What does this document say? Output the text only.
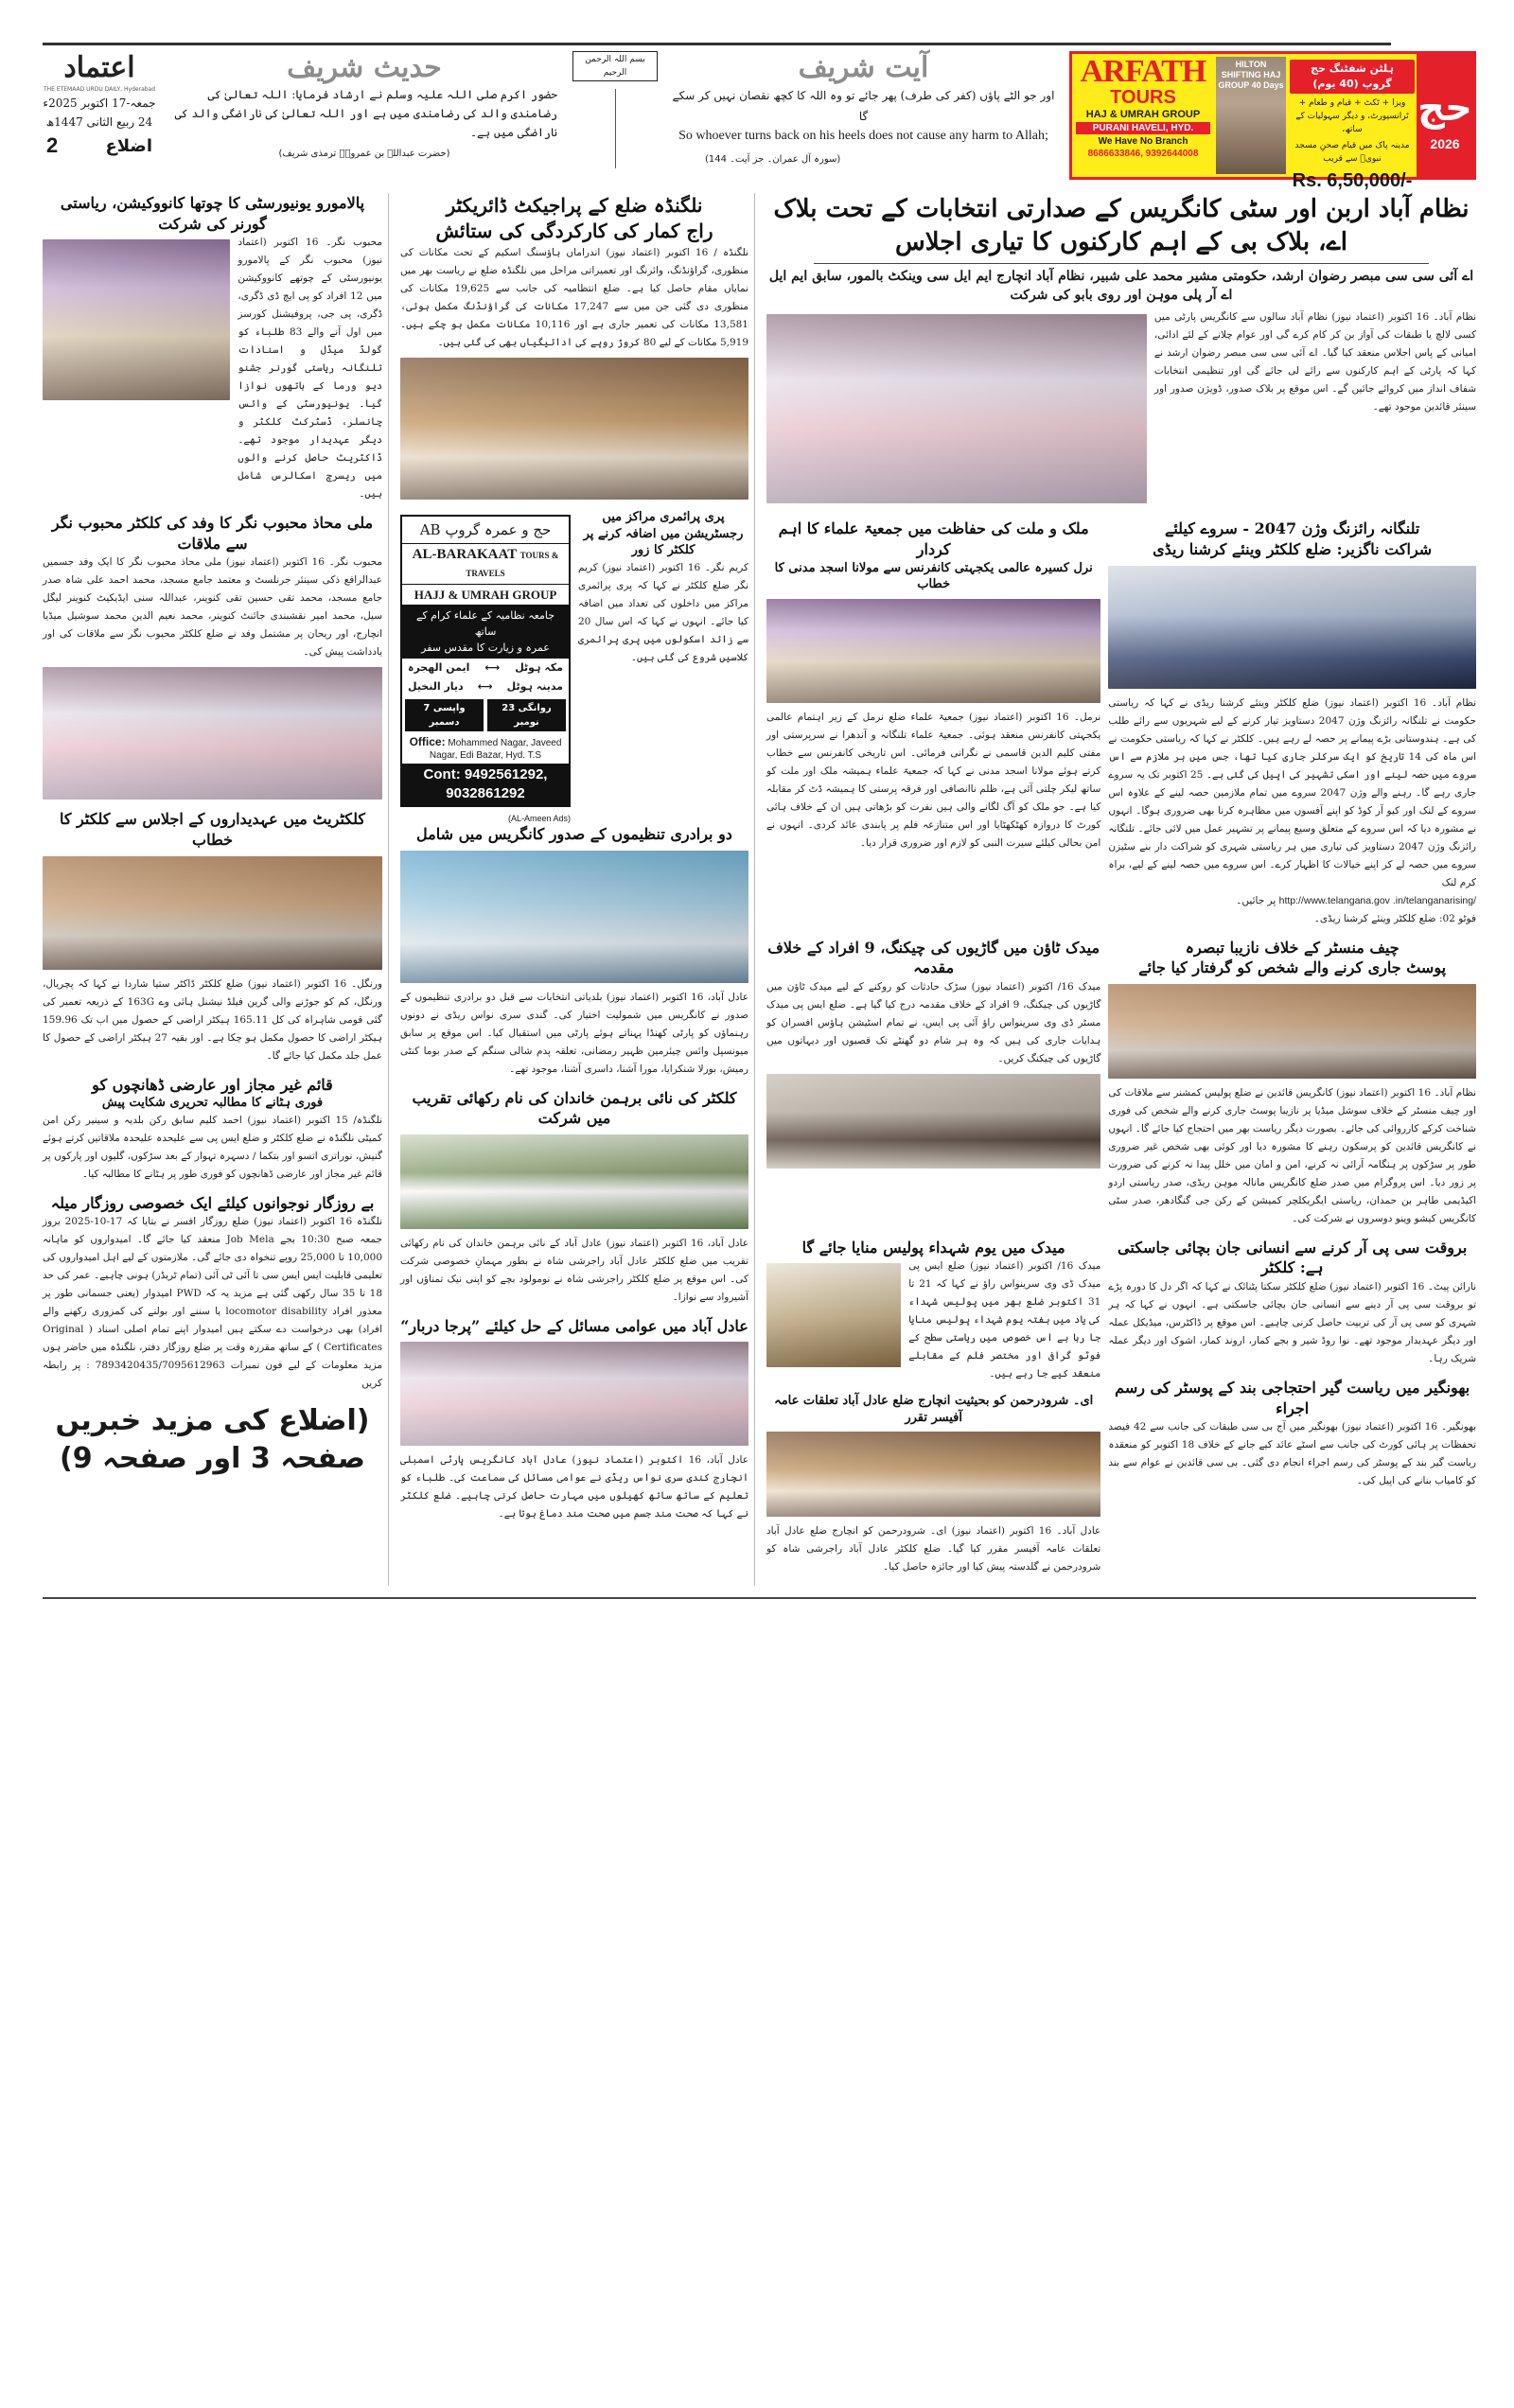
اعتماد
THE ETEMAAD URDU DAILY, Hyderabad
جمعہ-17 اکتوبر 2025ء
24 ربیع الثانی 1447ھ
اضلاع
2
حدیث شریف
حضور اکرم صلی اللہ علیہ وسلم نے ارشاد فرمایا: اللہ تعالیٰ کی رضامندی والد کی رضامندی میں ہے اور اللہ تعالیٰ کی ناراضگی والد کی ناراضگی میں ہے۔
(حضرت عبداللہ بن عمروؓ۔ ترمذی شریف)
بسم اللہ الرحمن الرحیم	آیت شریف
اور جو الٹے پاؤں (کفر کی طرف) پھر جائے تو وہ اللہ کا کچھ نقصان نہیں کر سکے گا
So whoever turns back on his heels does not cause any harm to Allah;
(سورہ آل عمران۔ جز آیت۔ 144)
ARFATH
TOURS
HAJ & UMRAH GROUP
PURANI HAVELI, HYD.
We Have No Branch
8686633846, 9392644008
HILTON SHIFTING HAJ GROUP 40 Days
ہلٹن شفٹنگ حج گروپ (40 یوم)
ویزا + ٹکٹ + قیام و طعام + ٹرانسپورٹ، و دیگر سہولیات کے ساتھ،
مدینہ پاک میں قیام صحنِ مسجد نبویؐ سے قریب
Rs. 6,50,000/-
حج
2026
پالامورو یونیورسٹی کا چوتھا کانووکیشن، ریاستی گورنر کی شرکت
محبوب نگر۔ 16 اکتوبر (اعتماد نیوز) محبوب نگر کے پالامورو یونیورسٹی کے چوتھے کانووکیشن میں 12 افراد کو پی ایچ ڈی ڈگری، ڈگری، پی جی، پروفیشنل کورسز میں اول آنے والے 83 طلباء کو گولڈ میڈل و اسنادات تلنگانہ ریاستی گورنر جشنو دیو ورما کے ہاتھوں نوازا گیا۔ یونیورسٹی کے وائس چانسلر، ڈسٹرکٹ کلکٹر و دیگر عہدیدار موجود تھے۔ ڈاکٹریٹ حاصل کرنے والوں میں ریسرچ اسکالرس شامل ہیں۔
ملی محاذ محبوب نگر کا وفد کی کلکٹر محبوب نگر سے ملاقات
محبوب نگر۔ 16 اکتوبر (اعتماد نیوز) ملی محاذ محبوب نگر کا ایک وفد جسمیں عبدالرافع ذکی سینئر جرنلسٹ و معتمد جامع مسجد، محمد احمد علی شاہ صدر جامع مسجد، محمد تقی حسین تقی کنوینر، عبداللہ سنی ایڈیکیٹ کنوینر لیگل سیل، محمد امیر نقشبندی جائنٹ کنوینر، محمد نعیم الدین محمد سوشیل میڈیا انچارج، اور ریحان پر مشتمل وفد نے ضلع کلکٹر محبوب نگر سے ملاقات کی اور یادداشت پیش کی۔
کلکٹریٹ میں عہدیداروں کے اجلاس سے کلکٹر کا خطاب
ورنگل۔ 16 اکتوبر (اعتماد نیوز) ضلع کلکٹر ڈاکٹر ستیا شاردا نے کہا کہ پچریال، ورنگل، کم کو جوڑنے والی گرین فیلڈ نیشنل ہائی وے 163G کے ذریعہ تعمیر کی گئی قومی شاہراہ کی کل 165.11 ہیکٹر اراضی کے حصول میں اب تک 159.96 ہیکٹر اراضی کا حصول مکمل ہو چکا ہے۔ اور بقیہ 27 ہیکٹر اراضی کے حصول کا عمل جلد مکمل کیا جائے گا۔
قائم غیر مجاز اور عارضی ڈھانچوں کو
فوری ہٹانے کا مطالبہ تحریری شکایت پیش
نلگنڈہ/ 15 اکتوبر (اعتماد نیوز) احمد کلیم سابق رکن بلدیہ و سینیر رکن امن کمیٹی نلگنڈہ نے ضلع کلکٹر و ضلع ایس پی سے علیحدہ علیحدہ ملاقاتیں کرتے ہوئے گنیش، نوراتری اتسو اور بتکما / دسہرہ تہوار کے بعد سڑکوں، گلیوں اور پارکوں پر قائم غیر مجاز اور عارضی ڈھانچوں کو فوری طور پر ہٹانے کا مطالبہ کیا۔
بے روزگار نوجوانوں کیلئے ایک خصوصی روزگار میلہ
نلگنڈہ 16 اکتوبر (اعتماد نیوز) ضلع روزگار افسر نے بتایا کہ 17-10-2025 بروز جمعہ صبح 10:30 بجے Job Mela منعقد کیا جائے گا۔ امیدواروں کو ماہانہ 10,000 تا 25,000 روپے تنخواہ دی جائے گی۔ ملازمتوں کے لیے اہل امیدواروں کی تعلیمی قابلیت ایس ایس سی تا آئی ٹی آئی (تمام ٹریڈز) ہونی چاہیے۔ عمر کی حد 18 تا 35 سال رکھی گئی ہے مزید یہ کہ PWD امیدوار (یعنی جسمانی طور پر معذور افراد locomotor disability یا سننے اور بولنے کی کمزوری رکھنے والے افراد) بھی درخواست دے سکتے ہیں امیدوار اپنے تمام اصلی اسناد ( Original Certificates ) کے ساتھ مقررہ وقت پر ضلع روزگار دفتر، نلگنڈہ میں حاضر ہوں مزید معلومات کے لیے فون نمبرات 7893420435/7095612963 : پر رابطہ کریں
(اضلاع کی مزید خبریں صفحہ 3 اور صفحہ 9)
نلگنڈہ ضلع کے پراجیکٹ ڈائریکٹر
راج کمار کی کارکردگی کی ستائش
نلگنڈہ / 16 اکتوبر (اعتماد نیوز) اندراماں ہاؤسنگ اسکیم کے تحت مکانات کی منظوری، گراؤنڈنگ، وائرنگ اور تعمیراتی مراحل میں نلگنڈہ ضلع نے ریاست بھر میں نمایاں مقام حاصل کیا ہے۔ ضلع انتظامیہ کی جانب سے 19,625 مکانات کی منظوری دی گئی جن میں سے 17,247 مکانات کی گراؤنڈنگ مکمل ہوئی، 13,581 مکانات کی تعمیر جاری ہے اور 10,116 مکانات مکمل ہو چکے ہیں۔ 5,919 مکانات کے لیے 80 کروڑ روپے کی ادائیگیاں بھی کی گئی ہیں۔
پری پرائمری مراکز میں رجسٹریشن میں اضافہ کرنے پر کلکٹر کا زور
کریم نگر۔ 16 اکتوبر (اعتماد نیوز) کریم نگر ضلع کلکٹر نے کہا کہ پری پرائمری مراکز میں داخلوں کی تعداد میں اضافہ کیا جائے۔ انہوں نے کہا کہ اس سال 20 سے زائد اسکولوں میں پری پرائمری کلاسیں شروع کی گئی ہیں۔
حج و عمرہ گروپ AB
AL-BARAKAAT TOURS & TRAVELS
HAJJ & UMRAH GROUP
جامعہ نظامیہ کے علماء کرام کے ساتھ
عمرہ و زیارت کا مقدس سفر
مکہ ہوٹل
⟷
ایمن الھجرہ
مدینہ ہوٹل
⟷
دیار النخیل
روانگی 23 نومبر
واپسی 7 دسمبر
Office: Mohammed Nagar, Javeed Nagar, Edi Bazar, Hyd. T.S
Cont: 9492561292,
9032861292
(AL-Ameen Ads)
دو برادری تنظیموں کے صدور کانگریس میں شامل
عادل آباد، 16 اکتوبر (اعتماد نیوز) بلدیاتی انتخابات سے قبل دو برادری تنظیموں کے صدور نے کانگریس میں شمولیت اختیار کی۔ گندی سری نواس ریڈی نے دونوں رہنماؤں کو پارٹی کھنڈا پہناتے ہوئے پارٹی میں استقبال کیا۔ اس موقع پر سابق میونسپل وائس چیئرمین ظہیر رمضانی، تعلقہ پدم شالی سنگم کے صدر بوما کنٹی رمیش، بورلا شنکرایا، مورا آشنا، داسری آشنا، موجود تھے۔
کلکٹر کی نائی برہمن خاندان کی نام رکھائی تقریب میں شرکت
عادل آباد، 16 اکتوبر (اعتماد نیوز) عادل آباد کے نائی برہمن خاندان کی نام رکھائی تقریب میں ضلع کلکٹر عادل آباد راجرشی شاہ نے بطور مہمانِ خصوصی شرکت کی۔ اس موقع پر ضلع کلکٹر راجرشی شاہ نے نومولود بچے کو اپنی نیک تمناؤں اور آشیرواد سے نوازا۔
عادل آباد میں عوامی مسائل کے حل کیلئے ”پرجا دربار“
عادل آباد، 16 اکتوبر (اعتماد نیوز) عادل آباد کانگریس پارٹی اسمبلی انچارج کندی سری نواس ریڈی نے عوامی مسائل کی سماعت کی۔ طلباء کو تعلیم کے ساتھ ساتھ کھیلوں میں مہارت حاصل کرنی چاہیے۔ ضلع کلکٹر نے کہا کہ صحت مند جسم میں صحت مند دماغ ہوتا ہے۔
نظام آباد اربن اور سٹی کانگریس کے صدارتی انتخابات کے تحت بلاک اے، بلاک بی کے اہم کارکنوں کا تیاری اجلاس
اے آئی سی سی مبصر رضوان ارشد، حکومتی مشیر محمد علی شبیر، نظام آباد انچارج ایم ایل سی وینکٹ بالمور، سابق ایم ایل اے آر پلی موہن اور روی بابو کی شرکت
نظام آباد۔ 16 اکتوبر (اعتماد نیوز) نظام آباد سالوں سے کانگریس پارٹی میں کسی لالچ یا طبقات کی آواز بن کر کام کرے گی اور عوام چلانے کے لئے ادائی، امیانی کے پاس اجلاس منعقد کیا گیا۔ اے آئی سی سی مبصر رضوان ارشد نے کہا کہ پارٹی کے اہم کارکنوں سے رائے لی جائے گی اور تنظیمی انتخابات شفاف انداز میں کروائے جائیں گے۔ اس موقع پر بلاک صدور، ڈویژن صدور اور سینئر قائدین موجود تھے۔
تلنگانہ رائزنگ وژن 2047 - سروے کیلئے
شراکت ناگزیر: ضلع کلکٹر وینئے کرشنا ریڈی
نظام آباد۔ 16 اکتوبر (اعتماد نیوز) ضلع کلکٹر وینئے کرشنا ریڈی نے کہا کہ ریاستی حکومت نے تلنگانہ رائزنگ وژن 2047 دستاویز تیار کرنے کے لیے شہریوں سے رائے طلب کی ہے۔ ہندوستانی بڑے پیمانے پر حصہ لے رہے ہیں۔ کلکٹر نے کہا کہ ریاستی حکومت نے اس ماہ کی 14 تاریخ کو ایک سرکلر جاری کیا تھا، جس میں ہر ملازم سے اس سروے میں حصہ لینے اور اسکی تشہیر کی اپیل کی گئی ہے۔ 25 اکتوبر تک یہ سروے جاری رہے گا۔ رہنے والے وژن 2047 سروے میں تمام ملازمین حصہ لینے کے علاوہ اس سروے کے لنک اور کیو آر کوڈ کو اپنے آفسوں میں مظاہرہ کرنا بھی ضروری ہوگا۔ انہوں نے مشورہ دیا کہ اس سروے کے متعلق وسیع پیمانے پر تشہیر عمل میں لائی جائے۔ تلنگانہ رائزنگ وژن 2047 دستاویز کی تیاری میں ہر ریاستی شہری کو شراکت دار بنے سٹیزن سروے میں حصہ لے کر اپنے خیالات کا اظہار کرے۔ اس سروے میں حصہ لینے کے لیے، براہ کرم لنک
http://www.telangana.gov .in/telanganarising/ پر جائیں۔
فوٹو 02: ضلع کلکٹر وینئے کرشنا ریڈی۔
ملک و ملت کی حفاظت میں جمعیۃ علماء کا اہم کردار
نرل کسیرہ عالمی یکجہتی کانفرنس سے مولانا اسجد مدنی کا خطاب
نرمل۔ 16 اکتوبر (اعتماد نیوز) جمعیۃ علماء ضلع نرمل کے زیر اہتمام عالمی یکجہتی کانفرنس منعقد ہوئی۔ جمعیۃ علماء تلنگانہ و آندھرا نے سرپرستی اور مفتی کلیم الدین قاسمی نے نگرانی فرمائی۔ اس تاریخی کانفرنس سے خطاب کرتے ہوئے مولانا اسجد مدنی نے کہا کہ جمعیۃ علماء ہمیشہ ملک اور ملت کو ساتھ لیکر چلتی آئی ہے، ظلم ناانصافی اور فرقہ پرستی کا ہمیشہ ڈٹ کر مقابلہ کیا ہے۔ جو ملک کو آگ لگانے والی ہیں نفرت کو بڑھاتی ہیں ان کے خلاف ہائی کورٹ کا دروازہ کھٹکھٹایا اور اس متنازعہ فلم پر پابندی عائد کردی۔ انہوں نے امن بحالی کیلئے سیرت النبی کو لازم اور ضروری قرار دیا۔
چیف منسٹر کے خلاف نازیبا تبصرہ
پوسٹ جاری کرنے والے شخص کو گرفتار کیا جائے
نظام آباد۔ 16 اکتوبر (اعتماد نیوز) کانگریس قائدین نے ضلع پولیس کمشنر سے ملاقات کی اور چیف منسٹر کے خلاف سوشل میڈیا پر نازیبا پوسٹ جاری کرنے والے شخص کی فوری شناخت کرکے کارروائی کی جائے۔ بصورت دیگر ریاست بھر میں احتجاج کیا جائے گا۔ انہوں نے کانگریس قائدین کو پرسکون رہنے کا مشورہ دیا اور کوئی بھی شخص غیر ضروری طور پر سڑکوں پر ہنگامہ آرائی نہ کرنے، امن و امان میں خلل پیدا نہ کرنے کی ضرورت پر زور دیا۔ اس پروگرام میں صدر ضلع کانگریس مانالہ موہن ریڈی، صدر ریاستی اردو اکیڈیمی طاہر بن حمدان، ریاستی ایگریکلچر کمیشن کے رکن جی گنگادھر، صدر سٹی کانگریس کیشو وینو دوسروں نے شرکت کی۔
میدک ٹاؤن میں گاڑیوں کی چیکنگ، 9 افراد کے خلاف مقدمہ
میدک 16/ اکتوبر (اعتماد نیوز) سڑک حادثات کو روکنے کے لیے میدک ٹاؤن میں گاڑیوں کی چیکنگ، 9 افراد کے خلاف مقدمہ درج کیا گیا ہے۔ ضلع ایس پی میدک مسٹر ڈی وی سرینواس راؤ آئی پی ایس، نے تمام اسٹیشن ہاؤس افسران کو ہدایات جاری کی ہیں کہ وہ ہر شام دو گھنٹے تک قصبوں اور دیہاتوں میں گاڑیوں کی چیکنگ کریں۔
بروقت سی پی آر کرنے سے انسانی جان بچائی جاسکتی ہے: کلکٹر
نارائن پیٹ۔ 16 اکتوبر (اعتماد نیوز) ضلع کلکٹر سکتا پٹنائک نے کہا کہ اگر دل کا دورہ پڑے تو بروقت سی پی آر دینے سے انسانی جان بچائی جاسکتی ہے۔ انہوں نے کہا کہ ہر شہری کو سی پی آر کی تربیت حاصل کرنی چاہیے۔ اس موقع پر ڈاکٹرس، میڈیکل عملہ اور دیگر عہدیدار موجود تھے۔ نوا روڈ شیر و بجے کمار، اروند کمار، اشوک اور دیگر عملہ شریک رہا۔
بھونگیر میں ریاست گیر احتجاجی بند کے پوسٹر کی رسم اجراء
بھونگیر۔ 16 اکتوبر (اعتماد نیوز) بھونگیر میں آج بی سی طبقات کی جانب سے 42 فیصد تحفظات پر ہائی کورٹ کی جانب سے اسٹے عائد کیے جانے کے خلاف 18 اکتوبر کو منعقدہ ریاست گیر بند کے پوسٹر کی رسم اجراء انجام دی گئی۔ بی سی قائدین نے عوام سے بند کو کامیاب بنانے کی اپیل کی۔
میدک میں یوم شہداء پولیس منایا جائے گا
میدک 16/ اکتوبر (اعتماد نیوز) ضلع ایس پی میدک ڈی وی سرینواس راؤ نے کہا کہ 21 تا 31 اکتوبر ضلع بھر میں پولیس شہداء کی یاد میں ہفتہ یوم شہداء پولیس منایا جا رہا ہے اس خصوص میں ریاستی سطح کے فوٹو گرافی اور مختصر فلم کے مقابلے منعقد کیے جا رہے ہیں۔
ای۔ شرودرحمن کو بحیثیت انچارج ضلع عادل آباد تعلقات عامہ آفیسر تقرر
عادل آباد۔ 16 اکتوبر (اعتماد نیوز) ای۔ شرودرحمن کو انچارج ضلع عادل آباد تعلقات عامہ آفیسر مقرر کیا گیا۔ ضلع کلکٹر عادل آباد راجرشی شاہ کو شرودرحمن نے گلدستہ پیش کیا اور جائزہ حاصل کیا۔
